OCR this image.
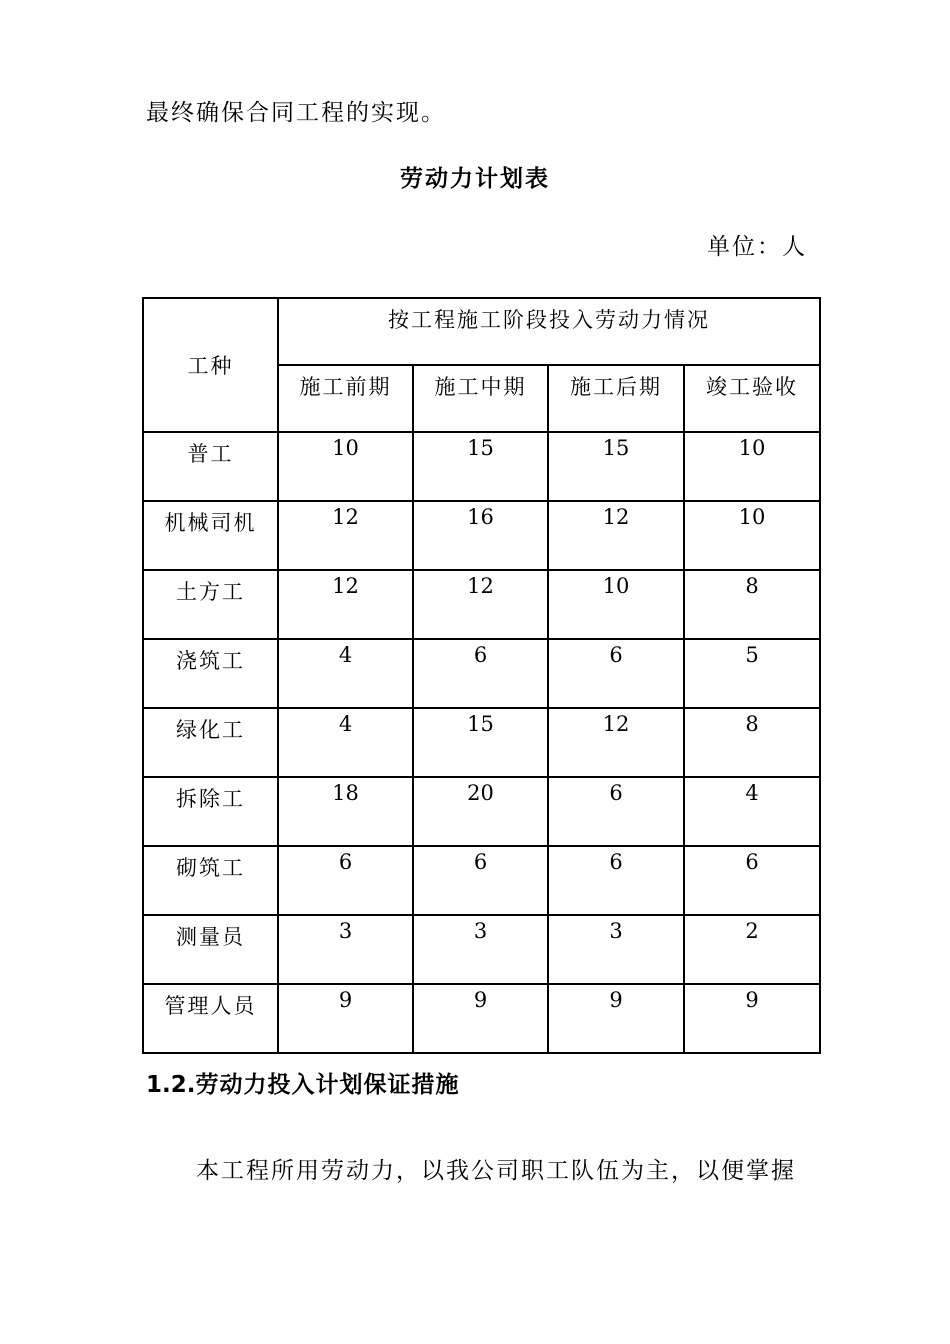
最终确保合同工程的实现。

劳动力计划表

单位：人

工种	按工程施工阶段投入劳动力情况			
	施工前期	施工中期	施工后期	竣工验收
普工	10	15	15	10
机械司机	12	16	12	10
土方工	12	12	10	8
浇筑工	4	6	6	5
绿化工	4	15	12	8
拆除工	18	20	6	4
砌筑工	6	6	6	6
测量员	3	3	3	2
管理人员	9	9	9	9

1.2.劳动力投入计划保证措施

本工程所用劳动力，以我公司职工队伍为主，以便掌握
